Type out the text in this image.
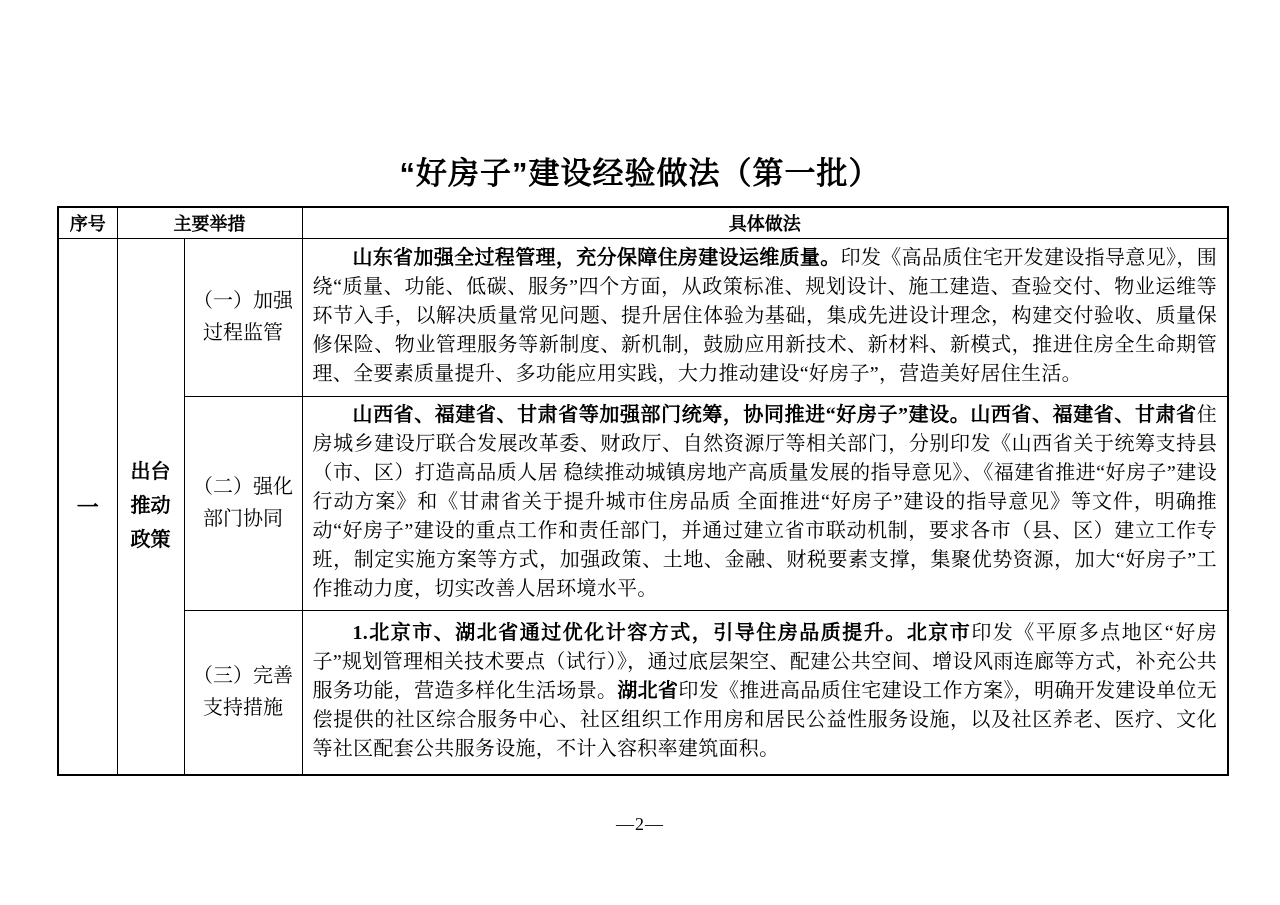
“好房子”建设经验做法（第一批）
序号	主要举措		具体做法
一	出台推动政策	（一）加强过程监管	山东省加强全过程管理，充分保障住房建设运维质量。印发《高品质住宅开发建设指导意见》，围绕“质量、功能、低碳、服务”四个方面，从政策标准、规划设计、施工建造、查验交付、物业运维等环节入手，以解决质量常见问题、提升居住体验为基础，集成先进设计理念，构建交付验收、质量保修保险、物业管理服务等新制度、新机制，鼓励应用新技术、新材料、新模式，推进住房全生命期管理、全要素质量提升、多功能应用实践，大力推动建设“好房子”，营造美好居住生活。

		（二）强化部门协同	山西省、福建省、甘肃省等加强部门统筹，协同推进“好房子”建设。山西省、福建省、甘肃省住房城乡建设厅联合发展改革委、财政厅、自然资源厅等相关部门，分别印发《山西省关于统筹支持县（市、区）打造高品质人居 稳续推动城镇房地产高质量发展的指导意见》、《福建省推进“好房子”建设行动方案》和《甘肃省关于提升城市住房品质 全面推进“好房子”建设的指导意见》等文件，明确推动“好房子”建设的重点工作和责任部门，并通过建立省市联动机制，要求各市（县、区）建立工作专班，制定实施方案等方式，加强政策、土地、金融、财税要素支撑，集聚优势资源，加大“好房子”工作推动力度，切实改善人居环境水平。

		（三）完善支持措施	1.北京市、湖北省通过优化计容方式，引导住房品质提升。北京市印发《平原多点地区“好房子”规划管理相关技术要点（试行）》，通过底层架空、配建公共空间、增设风雨连廊等方式，补充公共服务功能，营造多样化生活场景。湖北省印发《推进高品质住宅建设工作方案》，明确开发建设单位无偿提供的社区综合服务中心、社区组织工作用房和居民公益性服务设施，以及社区养老、医疗、文化等社区配套公共服务设施，不计入容积率建筑面积。
—2—
